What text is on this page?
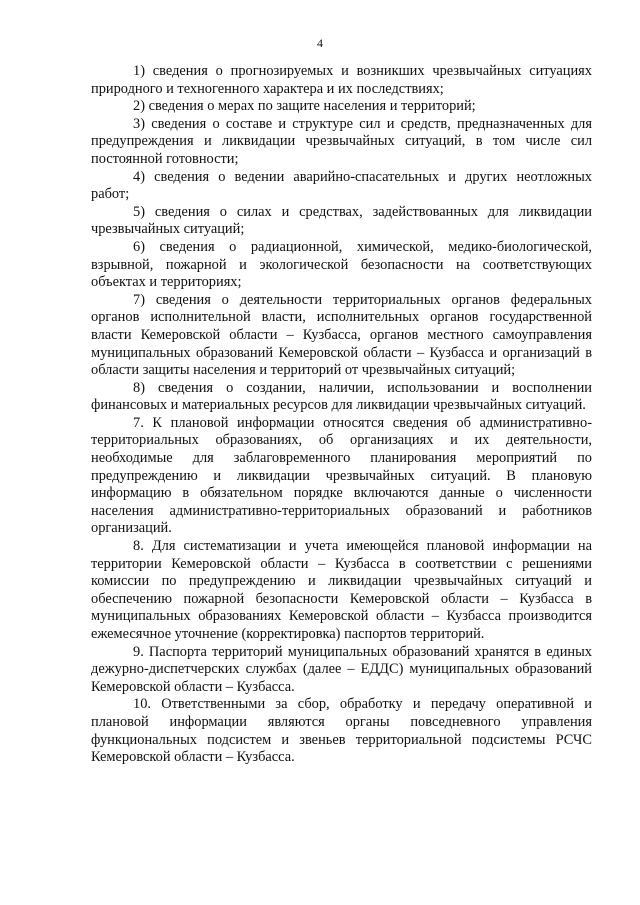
4

1) сведения о прогнозируемых и возникших чрезвычайных ситуациях природного и техногенного характера и их последствиях;

2) сведения о мерах по защите населения и территорий;

3) сведения о составе и структуре сил и средств, предназначенных для предупреждения и ликвидации чрезвычайных ситуаций, в том числе сил постоянной готовности;

4) сведения о ведении аварийно-спасательных и других неотложных работ;

5) сведения о силах и средствах, задействованных для ликвидации чрезвычайных ситуаций;

6) сведения о радиационной, химической, медико-биологической, взрывной, пожарной и экологической безопасности на соответствующих объектах и территориях;

7) сведения о деятельности территориальных органов федеральных органов исполнительной власти, исполнительных органов государственной власти Кемеровской области – Кузбасса, органов местного самоуправления муниципальных образований Кемеровской области – Кузбасса и организаций в области защиты населения и территорий от чрезвычайных ситуаций;

8) сведения о создании, наличии, использовании и восполнении финансовых и материальных ресурсов для ликвидации чрезвычайных ситуаций.

7. К плановой информации относятся сведения об административно-территориальных образованиях, об организациях и их деятельности, необходимые для заблаговременного планирования мероприятий по предупреждению и ликвидации чрезвычайных ситуаций. В плановую информацию в обязательном порядке включаются данные о численности населения административно-территориальных образований и работников организаций.

8. Для систематизации и учета имеющейся плановой информации на территории Кемеровской области – Кузбасса в соответствии с решениями комиссии по предупреждению и ликвидации чрезвычайных ситуаций и обеспечению пожарной безопасности Кемеровской области – Кузбасса в муниципальных образованиях Кемеровской области – Кузбасса производится ежемесячное уточнение (корректировка) паспортов территорий.

9. Паспорта территорий муниципальных образований хранятся в единых дежурно-диспетчерских службах (далее – ЕДДС) муниципальных образований Кемеровской области – Кузбасса.

10. Ответственными за сбор, обработку и передачу оперативной и плановой информации являются органы повседневного управления функциональных подсистем и звеньев территориальной подсистемы РСЧС Кемеровской области – Кузбасса.
